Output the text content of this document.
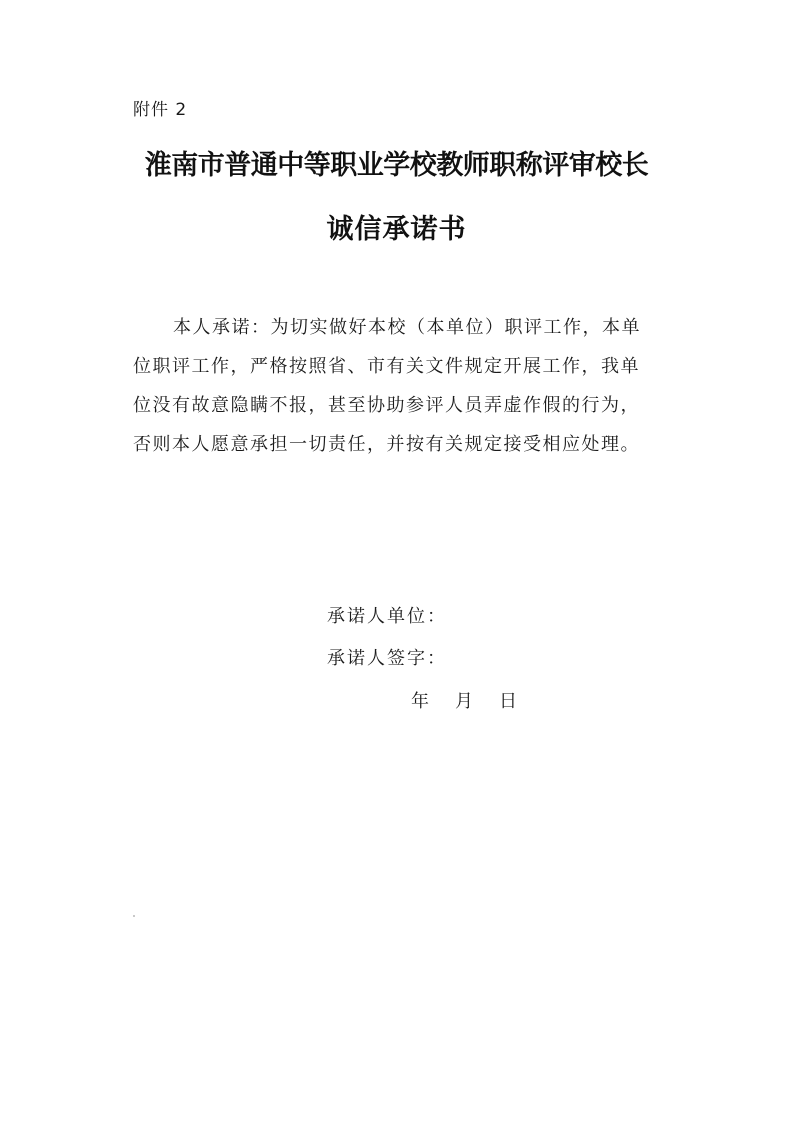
附件 2
淮南市普通中等职业学校教师职称评审校长
诚信承诺书
本人承诺：为切实做好本校（本单位）职评工作，本单
位职评工作，严格按照省、市有关文件规定开展工作，我单
位没有故意隐瞒不报，甚至协助参评人员弄虚作假的行为，
否则本人愿意承担一切责任，并按有关规定接受相应处理。
承诺人单位：
承诺人签字：
年 月 日
